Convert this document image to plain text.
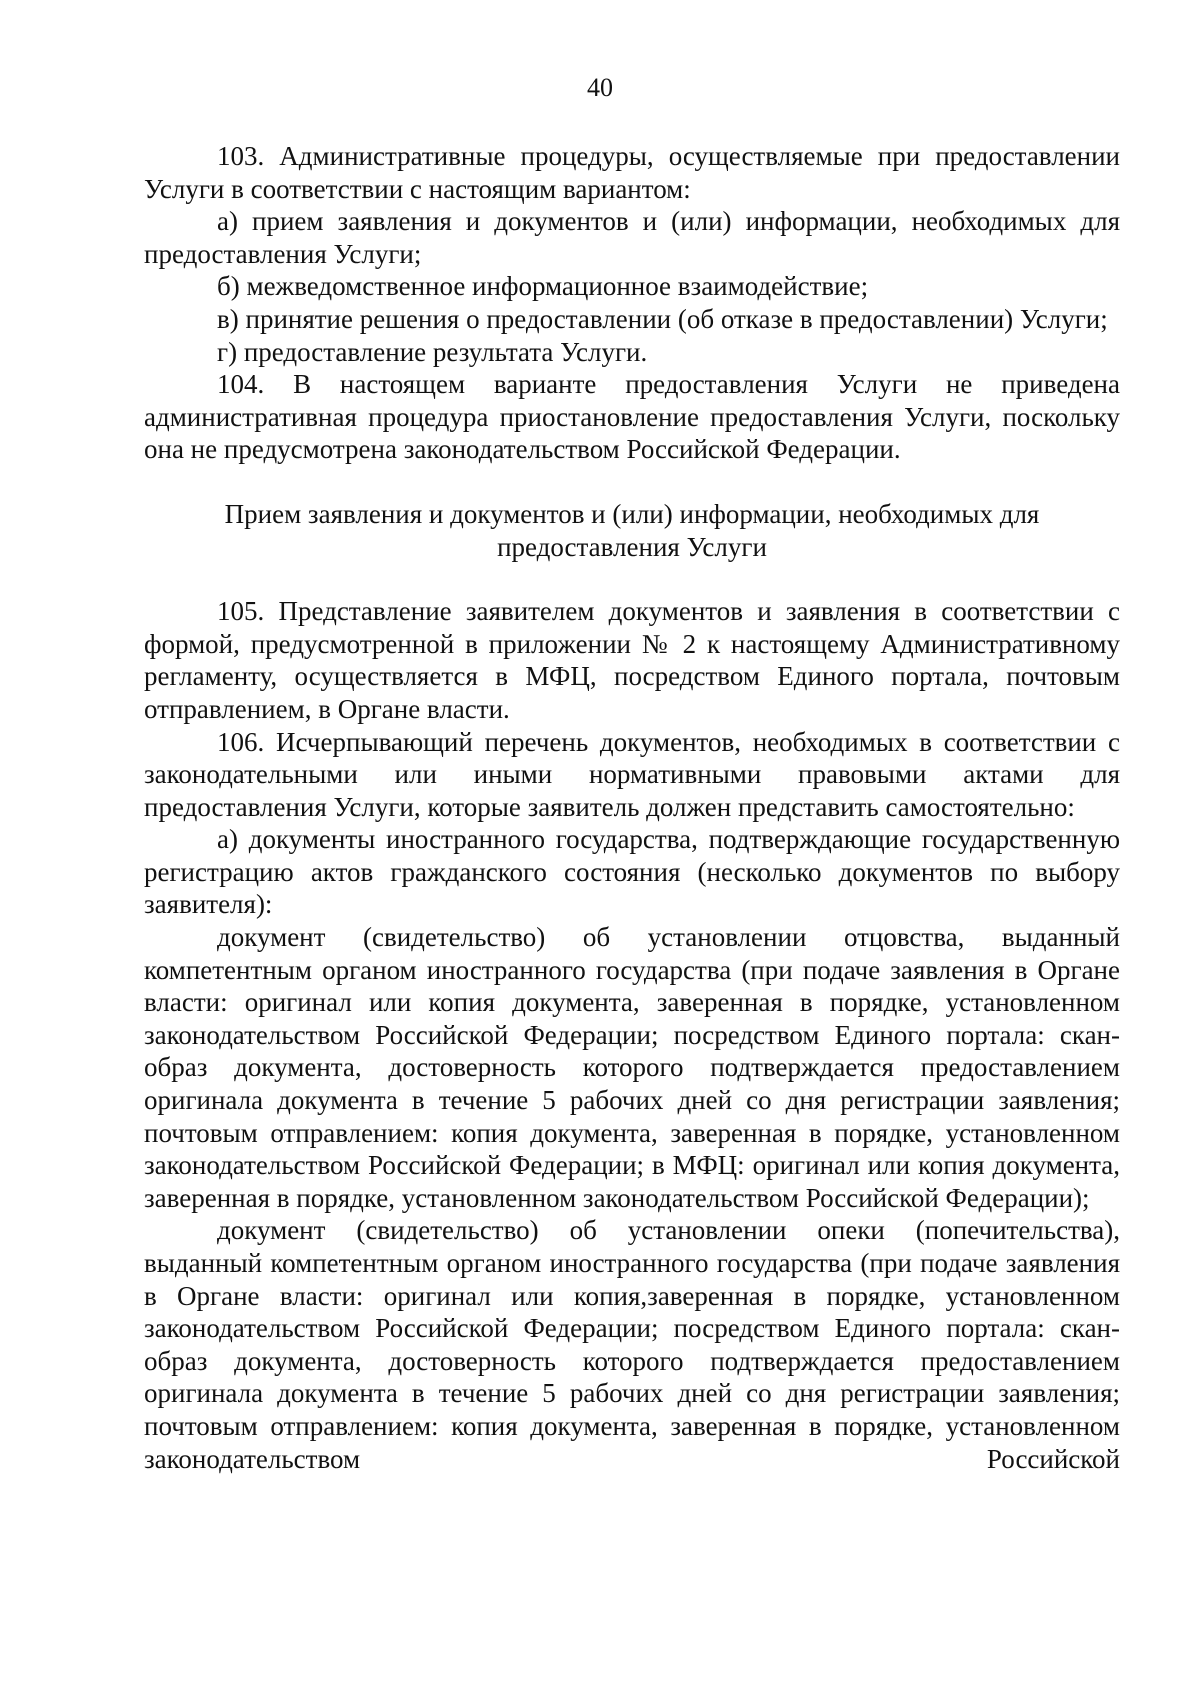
40

103. Административные процедуры, осуществляемые при предоставлении Услуги в соответствии с настоящим вариантом:

а) прием заявления и документов и (или) информации, необходимых для предоставления Услуги;

б) межведомственное информационное взаимодействие;

в) принятие решения о предоставлении (об отказе в предоставлении) Услуги;

г) предоставление результата Услуги.

104. В настоящем варианте предоставления Услуги не приведена административная процедура приостановление предоставления Услуги, поскольку она не предусмотрена законодательством Российской Федерации.

Прием заявления и документов и (или) информации, необходимых для
предоставления Услуги

105. Представление заявителем документов и заявления в соответствии с формой, предусмотренной в приложении № 2 к настоящему Административному регламенту, осуществляется в МФЦ, посредством Единого портала, почтовым отправлением, в Органе власти.

106. Исчерпывающий перечень документов, необходимых в соответствии с законодательными или иными нормативными правовыми актами для предоставления Услуги, которые заявитель должен представить самостоятельно:

а) документы иностранного государства, подтверждающие государственную регистрацию актов гражданского состояния (несколько документов по выбору заявителя):

документ (свидетельство) об установлении отцовства, выданный компетентным органом иностранного государства (при подаче заявления в Органе власти: оригинал или копия документа, заверенная в порядке, установленном законодательством Российской Федерации; посредством Единого портала: скан-образ документа, достоверность которого подтверждается предоставлением оригинала документа в течение 5 рабочих дней со дня регистрации заявления; почтовым отправлением: копия документа, заверенная в порядке, установленном законодательством Российской Федерации; в МФЦ: оригинал или копия документа, заверенная в порядке, установленном законодательством Российской Федерации);

документ (свидетельство) об установлении опеки (попечительства), выданный компетентным органом иностранного государства (при подаче заявления в Органе власти: оригинал или копия,заверенная в порядке, установленном законодательством Российской Федерации; посредством Единого портала: скан-образ документа, достоверность которого подтверждается предоставлением оригинала документа в течение 5 рабочих дней со дня регистрации заявления; почтовым отправлением: копия документа, заверенная в порядке, установленном законодательством Российской
